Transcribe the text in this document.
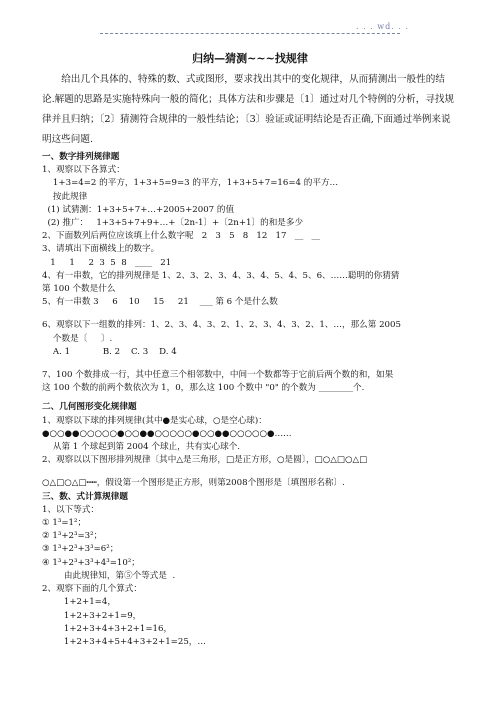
. . . wd. . .
归纳—猜测~~~找规律
给出几个具体的、特殊的数、式或图形，要求找出其中的变化规律，从而猜测出一般性的结论.解题的思路是实施特殊向一般的简化；具体方法和步骤是〔1〕通过对几个特例的分析，寻找规律并且归纳；〔2〕猜测符合规律的一般性结论；〔3〕验证或证明结论是否正确,下面通过举例来说明这些问题.

一、数字排列规律题

1、观察以下各算式：

1+3=4=2 的平方，1+3+5=9=3 的平方，1+3+5+7=16=4 的平方…

按此规律

(1) 试猜测：1+3+5+7+…+2005+2007 的值

(2) 推广：   1+3+5+7+9+…+〔2n-1〕+〔2n+1〕的和是多少

2、下面数列后两位应该填上什么数字呢   2   3   5   8   12   17   __   __

3、请填出下面横线上的数字。

1     1     2  3  5  8   ____   21

4、有一串数，它的排列规律是 1、2、3、2、3、4、3、4、5、4、5、6、……聪明的你猜猜

第 100 个数是什么

5、有一串数 3     6    10     15     21    ___ 第 6 个是什么数

6、观察以下一组数的排列：1、2、3、4、3、2、1、2、3、4、3、2、1、…，那么第 2005

个数是〔     〕.

A. 1            B. 2    C. 3    D. 4

7、100 个数排成一行，其中任意三个相邻数中，中间一个数都等于它前后两个数的和，如果

这 100 个数的前两个数依次为 1，0，那么这 100 个数中 "0" 的个数为 ________个.

二、几何图形变化规律题

1、观察以下球的排列规律(其中●是实心球，○是空心球)：

●○○●●○○○○○●○○●●○○○○○●○○●●○○○○○●……

从第 1 个球起到第 2004 个球止，共有实心球个.

2、观察以以下图形排列规律〔其中△是三角形，□是正方形，○是圆〕，□○△□○△□

○△□○△□┅┅，假设第一个图形是正方形，则第2008个图形是〔填图形名称〕.

三、数、式计算规律题

1、以下等式：

① 1³=1²；

② 1³+2³=3²；

③ 1³+2³+3³=6²；

④ 1³+2³+3³+4³=10²；

由此规律知，第⑤个等式是  .

2、观察下面的几个算式：

1+2+1=4，

1+2+3+2+1=9，

1+2+3+4+3+2+1=16，

1+2+3+4+5+4+3+2+1=25，…
